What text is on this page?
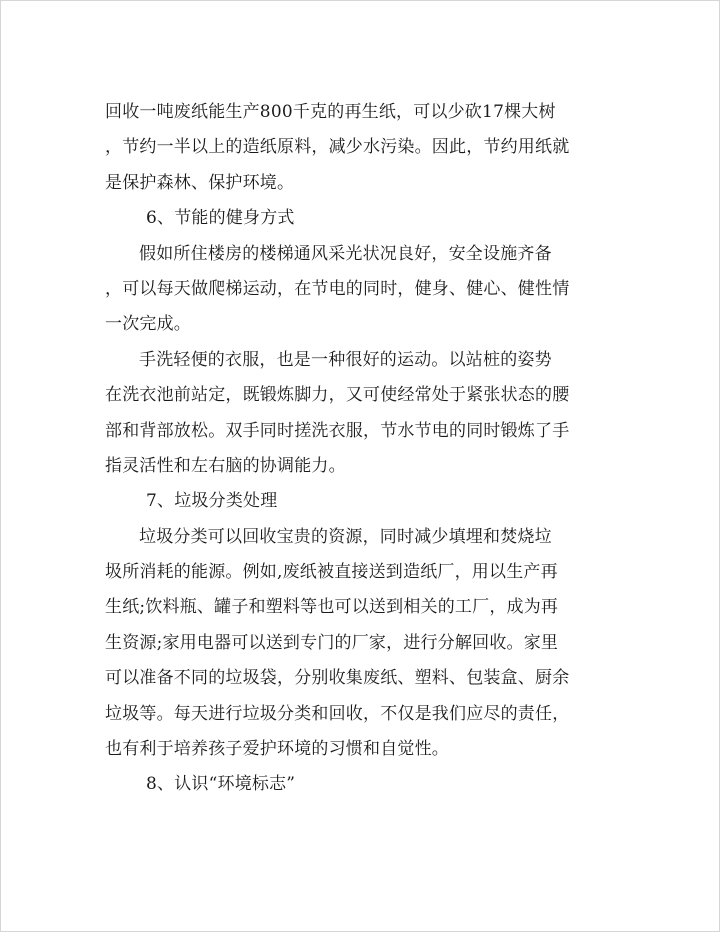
回收一吨废纸能生产800千克的再生纸，可以少砍17棵大树
，节约一半以上的造纸原料，减少水污染。因此，节约用纸就
是保护森林、保护环境。
6、节能的健身方式
假如所住楼房的楼梯通风采光状况良好，安全设施齐备
，可以每天做爬梯运动，在节电的同时，健身、健心、健性情
一次完成。
手洗轻便的衣服，也是一种很好的运动。以站桩的姿势
在洗衣池前站定，既锻炼脚力，又可使经常处于紧张状态的腰
部和背部放松。双手同时搓洗衣服，节水节电的同时锻炼了手
指灵活性和左右脑的协调能力。
7、垃圾分类处理
垃圾分类可以回收宝贵的资源，同时减少填埋和焚烧垃
圾所消耗的能源。例如,废纸被直接送到造纸厂，用以生产再
生纸;饮料瓶、罐子和塑料等也可以送到相关的工厂，成为再
生资源;家用电器可以送到专门的厂家，进行分解回收。家里
可以准备不同的垃圾袋，分别收集废纸、塑料、包装盒、厨余
垃圾等。每天进行垃圾分类和回收，不仅是我们应尽的责任，
也有利于培养孩子爱护环境的习惯和自觉性。
8、认识“环境标志”
